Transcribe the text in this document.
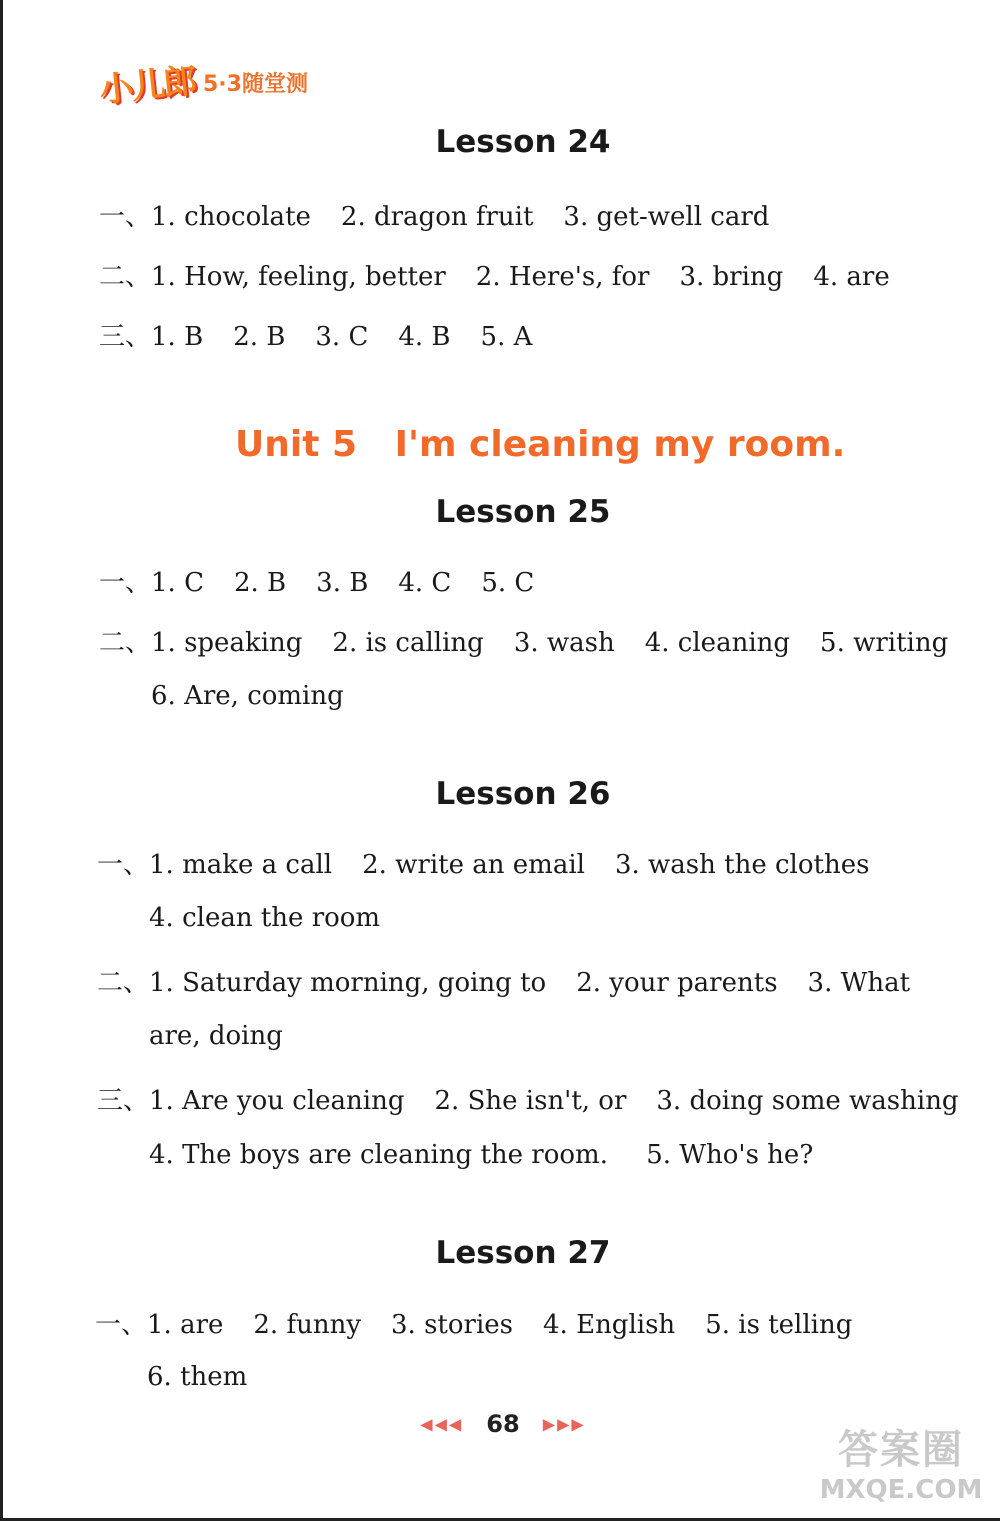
小儿郎 5·3随堂测
Lesson 24
一、 1. chocolate 2. dragon fruit 3. get-well card
二、 1. How, feeling, better 2. Here's, for 3. bring 4. are
三、 1. B 2. B 3. C 4. B 5. A
Unit 5   I'm cleaning my room.
Lesson 25
一、 1. C 2. B 3. B 4. C 5. C
二、 1. speaking 2. is calling 3. wash 4. cleaning 5. writing
6. Are, coming
Lesson 26
一、 1. make a call 2. write an email 3. wash the clothes
4. clean the room
二、 1. Saturday morning, going to 2. your parents 3. What
are, doing
三、 1. Are you cleaning 2. She isn't, or 3. doing some washing
4. The boys are cleaning the room. 5. Who's he?
Lesson 27
一、 1. are 2. funny 3. stories 4. English 5. is telling
6. them
◀◀◀ 68 ▶▶▶
答案圈
MXQE.COM
